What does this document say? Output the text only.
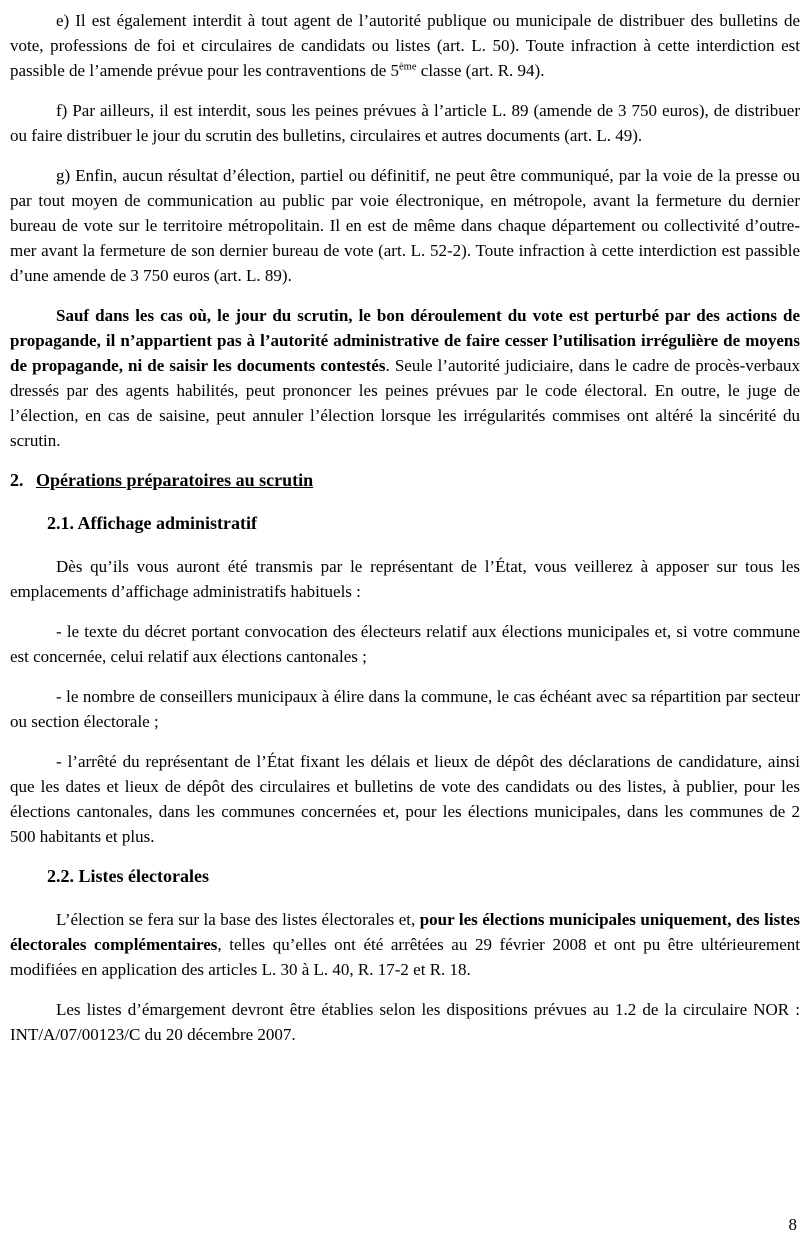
e) Il est également interdit à tout agent de l’autorité publique ou municipale de distribuer des bulletins de vote, professions de foi et circulaires de candidats ou listes (art. L. 50). Toute infraction à cette interdiction est passible de l’amende prévue pour les contraventions de 5ème classe (art. R. 94).

f) Par ailleurs, il est interdit, sous les peines prévues à l’article L. 89 (amende de 3 750 euros), de distribuer ou faire distribuer le jour du scrutin des bulletins, circulaires et autres documents (art. L. 49).

g) Enfin, aucun résultat d’élection, partiel ou définitif, ne peut être communiqué, par la voie de la presse ou par tout moyen de communication au public par voie électronique, en métropole, avant la fermeture du dernier bureau de vote sur le territoire métropolitain. Il en est de même dans chaque département ou collectivité d’outre-mer avant la fermeture de son dernier bureau de vote (art. L. 52-2). Toute infraction à cette interdiction est passible d’une amende de 3 750 euros (art. L. 89).

Sauf dans les cas où, le jour du scrutin, le bon déroulement du vote est perturbé par des actions de propagande, il n’appartient pas à l’autorité administrative de faire cesser l’utilisation irrégulière de moyens de propagande, ni de saisir les documents contestés. Seule l’autorité judiciaire, dans le cadre de procès-verbaux dressés par des agents habilités, peut prononcer les peines prévues par le code électoral. En outre, le juge de l’élection, en cas de saisine, peut annuler l’élection lorsque les irrégularités commises ont altéré la sincérité du scrutin.

2. Opérations préparatoires au scrutin

2.1. Affichage administratif

Dès qu’ils vous auront été transmis par le représentant de l’État, vous veillerez à apposer sur tous les emplacements d’affichage administratifs habituels :

- le texte du décret portant convocation des électeurs relatif aux élections municipales et, si votre commune est concernée, celui relatif aux élections cantonales ;

- le nombre de conseillers municipaux à élire dans la commune, le cas échéant avec sa répartition par secteur ou section électorale ;

- l’arrêté du représentant de l’État fixant les délais et lieux de dépôt des déclarations de candidature, ainsi que les dates et lieux de dépôt des circulaires et bulletins de vote des candidats ou des listes, à publier, pour les élections cantonales, dans les communes concernées et, pour les élections municipales, dans les communes de 2 500 habitants et plus.

2.2. Listes électorales

L’élection se fera sur la base des listes électorales et, pour les élections municipales uniquement, des listes électorales complémentaires, telles qu’elles ont été arrêtées au 29 février 2008 et ont pu être ultérieurement modifiées en application des articles L. 30 à L. 40, R. 17-2 et R. 18.

Les listes d’émargement devront être établies selon les dispositions prévues au 1.2 de la circulaire NOR : INT/A/07/00123/C du 20 décembre 2007.

8
